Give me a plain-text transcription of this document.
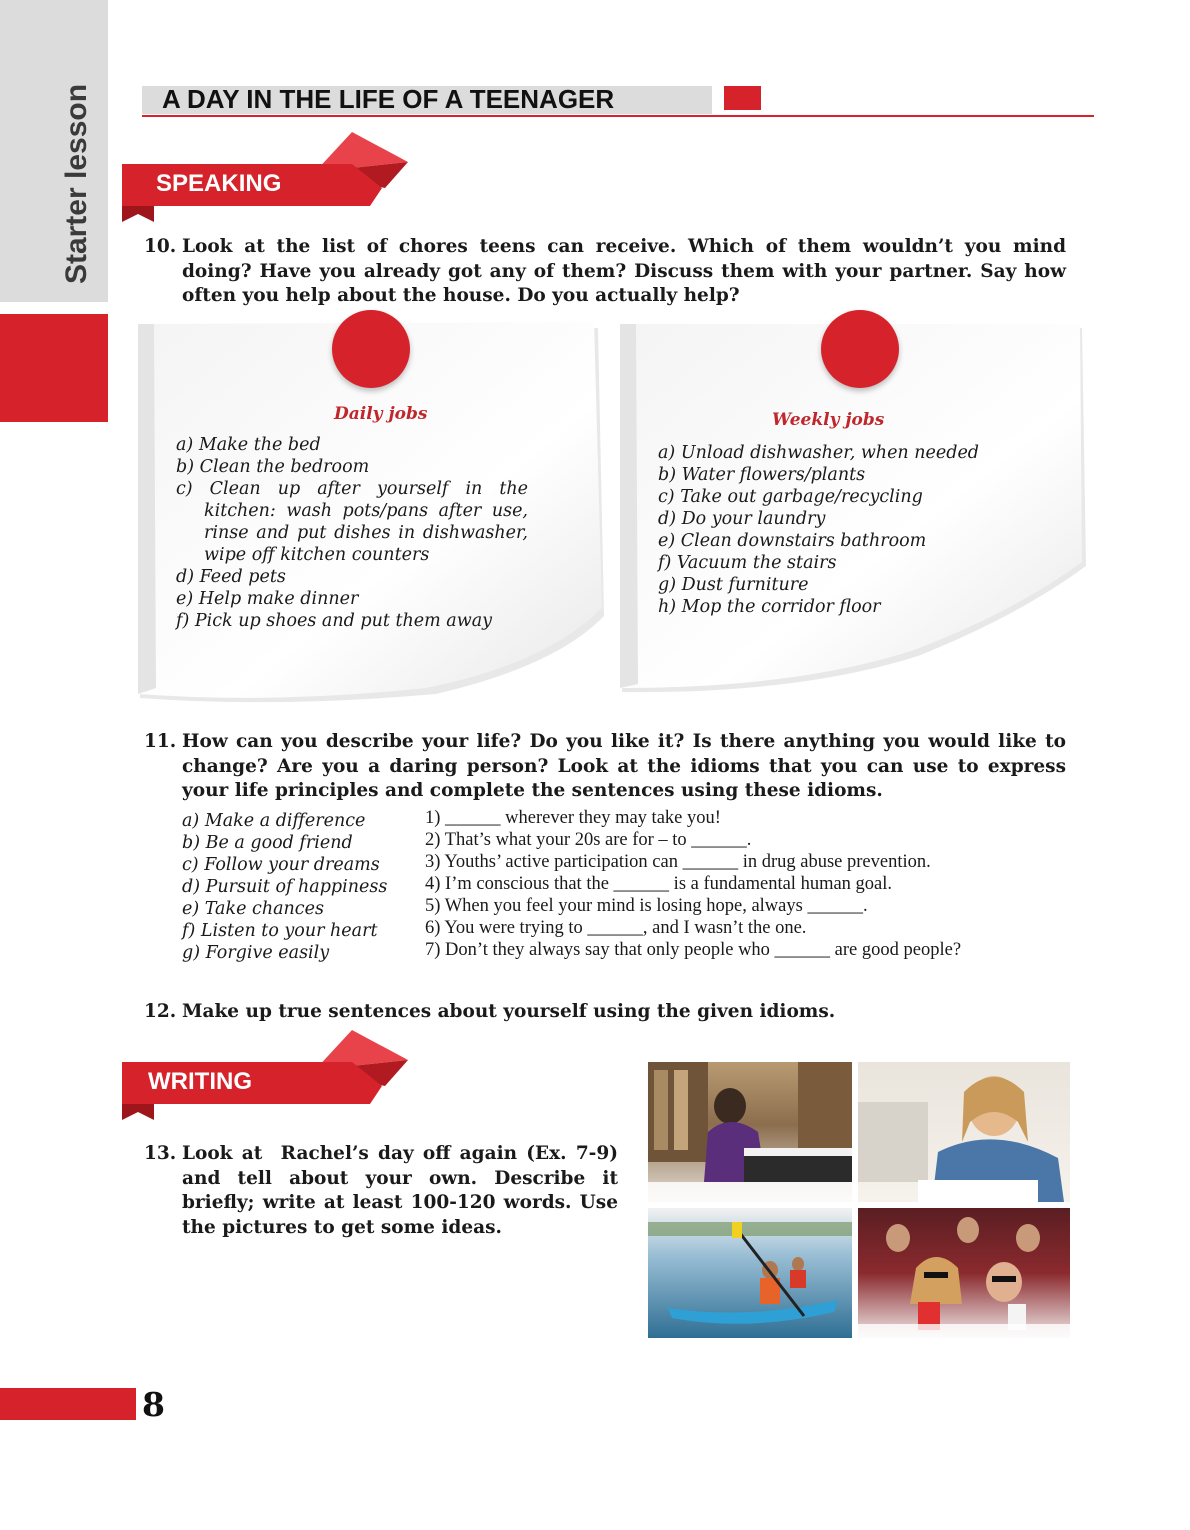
Starter lesson	A DAY IN THE LIFE OF A TEENAGER
SPEAKING
10. Look at the list of chores teens can receive. Which of them wouldn’t you mind
doing? Have you already got any of them? Discuss them with your partner. Say how
often you help about the house. Do you actually help?
Daily jobs
a) Make the bed
b) Clean the bedroom
c) Clean up after yourself in the kitchen: wash pots/pans after use, rinse and put dishes in dishwasher, wipe off kitchen counters
d) Feed pets
e) Help make dinner
f) Pick up shoes and put them away
Weekly jobs
a) Unload dishwasher, when needed
b) Water flowers/plants
c) Take out garbage/recycling
d) Do your laundry
e) Clean downstairs bathroom
f) Vacuum the stairs
g) Dust furniture
h) Mop the corridor floor
11. How can you describe your life? Do you like it? Is there anything you would like to
change? Are you a daring person? Look at the idioms that you can use to express
your life principles and complete the sentences using these idioms.
a) Make a difference
b) Be a good friend
c) Follow your dreams
d) Pursuit of happiness
e) Take chances
f) Listen to your heart
g) Forgive easily
1) ______ wherever they may take you!
2) That’s what your 20s are for – to ______.
3) Youths’ active participation can ______ in drug abuse prevention.
4) I’m conscious that the ______ is a fundamental human goal.
5) When you feel your mind is losing hope, always ______.
6) You were trying to ______, and I wasn’t the one.
7) Don’t they always say that only people who ______ are good people?
12. Make up true sentences about yourself using the given idioms.
WRITING
13. Look at  Rachel’s day off again (Ex. 7-9)
and tell about your own. Describe it
briefly; write at least 100-120 words. Use
the pictures to get some ideas.
8
